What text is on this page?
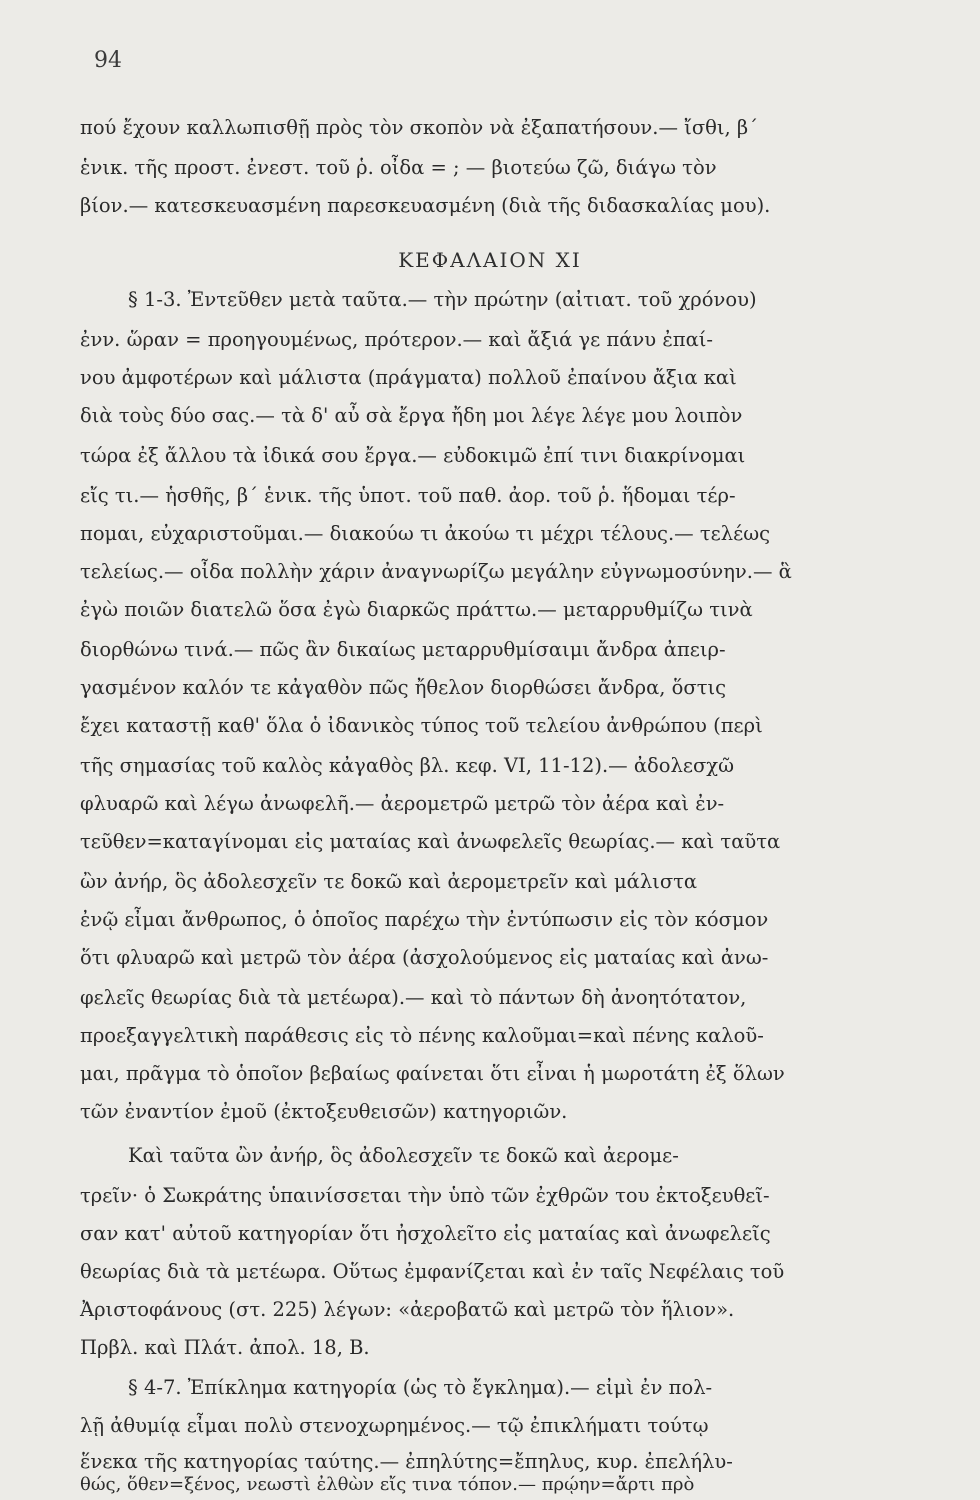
94
πού ἔχουν καλλωπισθῇ πρὸς τὸν σκοπὸν νὰ ἐξαπατήσουν.— ἴσθι, β´
ἑνικ. τῆς προστ. ἐνεστ. τοῦ ῥ. οἶδα = ; — βιοτεύω ζῶ, διάγω τὸν
βίον.— κατεσκευασμένη παρεσκευασμένη (διὰ τῆς διδασκαλίας μου).
ΚΕΦΑΛΑΙΟΝ XI
§ 1-3. Ἐντεῦθεν μετὰ ταῦτα.— τὴν πρώτην (αἰτιατ. τοῦ χρόνου)
ἐνν. ὥραν = προηγουμένως, πρότερον.— καὶ ἄξιά γε πάνυ ἐπαί-
νου ἀμφοτέρων καὶ μάλιστα (πράγματα) πολλοῦ ἐπαίνου ἄξια καὶ
διὰ τοὺς δύο σας.— τὰ δ' αὖ σὰ ἔργα ἤδη μοι λέγε λέγε μου λοιπὸν
τώρα ἐξ ἄλλου τὰ ἰδικά σου ἔργα.— εὐδοκιμῶ ἐπί τινι διακρίνομαι
εἴς τι.— ἡσθῆς, β´ ἑνικ. τῆς ὑποτ. τοῦ παθ. ἀορ. τοῦ ῥ. ἥδομαι τέρ-
πομαι, εὐχαριστοῦμαι.— διακούω τι ἀκούω τι μέχρι τέλους.— τελέως
τελείως.— οἶδα πολλὴν χάριν ἀναγνωρίζω μεγάλην εὐγνωμοσύνην.— ἃ
ἐγὼ ποιῶν διατελῶ ὅσα ἐγὼ διαρκῶς πράττω.— μεταρρυθμίζω τινὰ
διορθώνω τινά.— πῶς ἂν δικαίως μεταρρυθμίσαιμι ἄνδρα ἀπειρ-
γασμένον καλόν τε κἀγαθὸν πῶς ἤθελον διορθώσει ἄνδρα, ὅστις
ἔχει καταστῇ καθ' ὅλα ὁ ἰδανικὸς τύπος τοῦ τελείου ἀνθρώπου (περὶ
τῆς σημασίας τοῦ καλὸς κἀγαθὸς βλ. κεφ. VI, 11-12).— ἀδολεσχῶ
φλυαρῶ καὶ λέγω ἀνωφελῆ.— ἀερομετρῶ μετρῶ τὸν ἀέρα καὶ ἐν-
τεῦθεν=καταγίνομαι εἰς ματαίας καὶ ἀνωφελεῖς θεωρίας.— καὶ ταῦτα
ὢν ἀνήρ, ὃς ἀδολεσχεῖν τε δοκῶ καὶ ἀερομετρεῖν καὶ μάλιστα
ἐνῷ εἶμαι ἄνθρωπος, ὁ ὁποῖος παρέχω τὴν ἐντύπωσιν εἰς τὸν κόσμον
ὅτι φλυαρῶ καὶ μετρῶ τὸν ἀέρα (ἀσχολούμενος εἰς ματαίας καὶ ἀνω-
φελεῖς θεωρίας διὰ τὰ μετέωρα).— καὶ τὸ πάντων δὴ ἀνοητότατον,
προεξαγγελτικὴ παράθεσις εἰς τὸ πένης καλοῦμαι=καὶ πένης καλοῦ-
μαι, πρᾶγμα τὸ ὁποῖον βεβαίως φαίνεται ὅτι εἶναι ἡ μωροτάτη ἐξ ὅλων
τῶν ἐναντίον ἐμοῦ (ἐκτοξευθεισῶν) κατηγοριῶν.
Καὶ ταῦτα ὢν ἀνήρ, ὃς ἀδολεσχεῖν τε δοκῶ καὶ ἀερομε-
τρεῖν· ὁ Σωκράτης ὑπαινίσσεται τὴν ὑπὸ τῶν ἐχθρῶν του ἐκτοξευθεῖ-
σαν κατ' αὐτοῦ κατηγορίαν ὅτι ἠσχολεῖτο εἰς ματαίας καὶ ἀνωφελεῖς
θεωρίας διὰ τὰ μετέωρα. Οὕτως ἐμφανίζεται καὶ ἐν ταῖς Νεφέλαις τοῦ
Ἀριστοφάνους (στ. 225) λέγων: «ἀεροβατῶ καὶ μετρῶ τὸν ἥλιον».
Πρβλ. καὶ Πλάτ. ἀπολ. 18, Β.
§ 4-7. Ἐπίκλημα κατηγορία (ὡς τὸ ἔγκλημα).— εἰμὶ ἐν πολ-
λῇ ἀθυμίᾳ εἶμαι πολὺ στενοχωρημένος.— τῷ ἐπικλήματι τούτῳ
ἕνεκα τῆς κατηγορίας ταύτης.— ἐπηλύτης=ἔπηλυς, κυρ. ἐπελήλυ-
θώς, ὅθεν=ξένος, νεωστὶ ἐλθὼν εἴς τινα τόπον.— πρῴην=ἄρτι πρὸ
